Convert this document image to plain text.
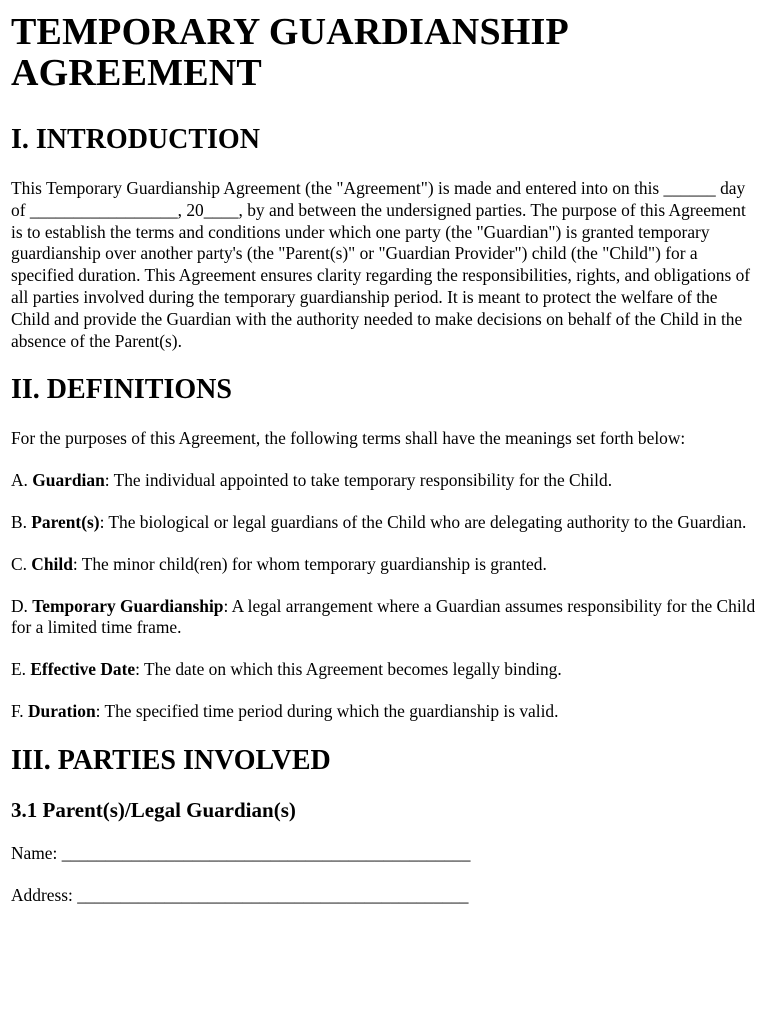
TEMPORARY GUARDIANSHIP AGREEMENT
I. INTRODUCTION

This Temporary Guardianship Agreement (the "Agreement") is made and entered into on this ______ day of _________________, 20____, by and between the undersigned parties. The purpose of this Agreement is to establish the terms and conditions under which one party (the "Guardian") is granted temporary guardianship over another party's (the "Parent(s)" or "Guardian Provider") child (the "Child") for a specified duration. This Agreement ensures clarity regarding the responsibilities, rights, and obligations of all parties involved during the temporary guardianship period. It is meant to protect the welfare of the Child and provide the Guardian with the authority needed to make decisions on behalf of the Child in the absence of the Parent(s).

II. DEFINITIONS

For the purposes of this Agreement, the following terms shall have the meanings set forth below:

A. Guardian: The individual appointed to take temporary responsibility for the Child.

B. Parent(s): The biological or legal guardians of the Child who are delegating authority to the Guardian.

C. Child: The minor child(ren) for whom temporary guardianship is granted.

D. Temporary Guardianship: A legal arrangement where a Guardian assumes responsibility for the Child for a limited time frame.

E. Effective Date: The date on which this Agreement becomes legally binding.

F. Duration: The specified time period during which the guardianship is valid.

III. PARTIES INVOLVED
3.1 Parent(s)/Legal Guardian(s)

Name: _______________________________________________

Address: _____________________________________________
